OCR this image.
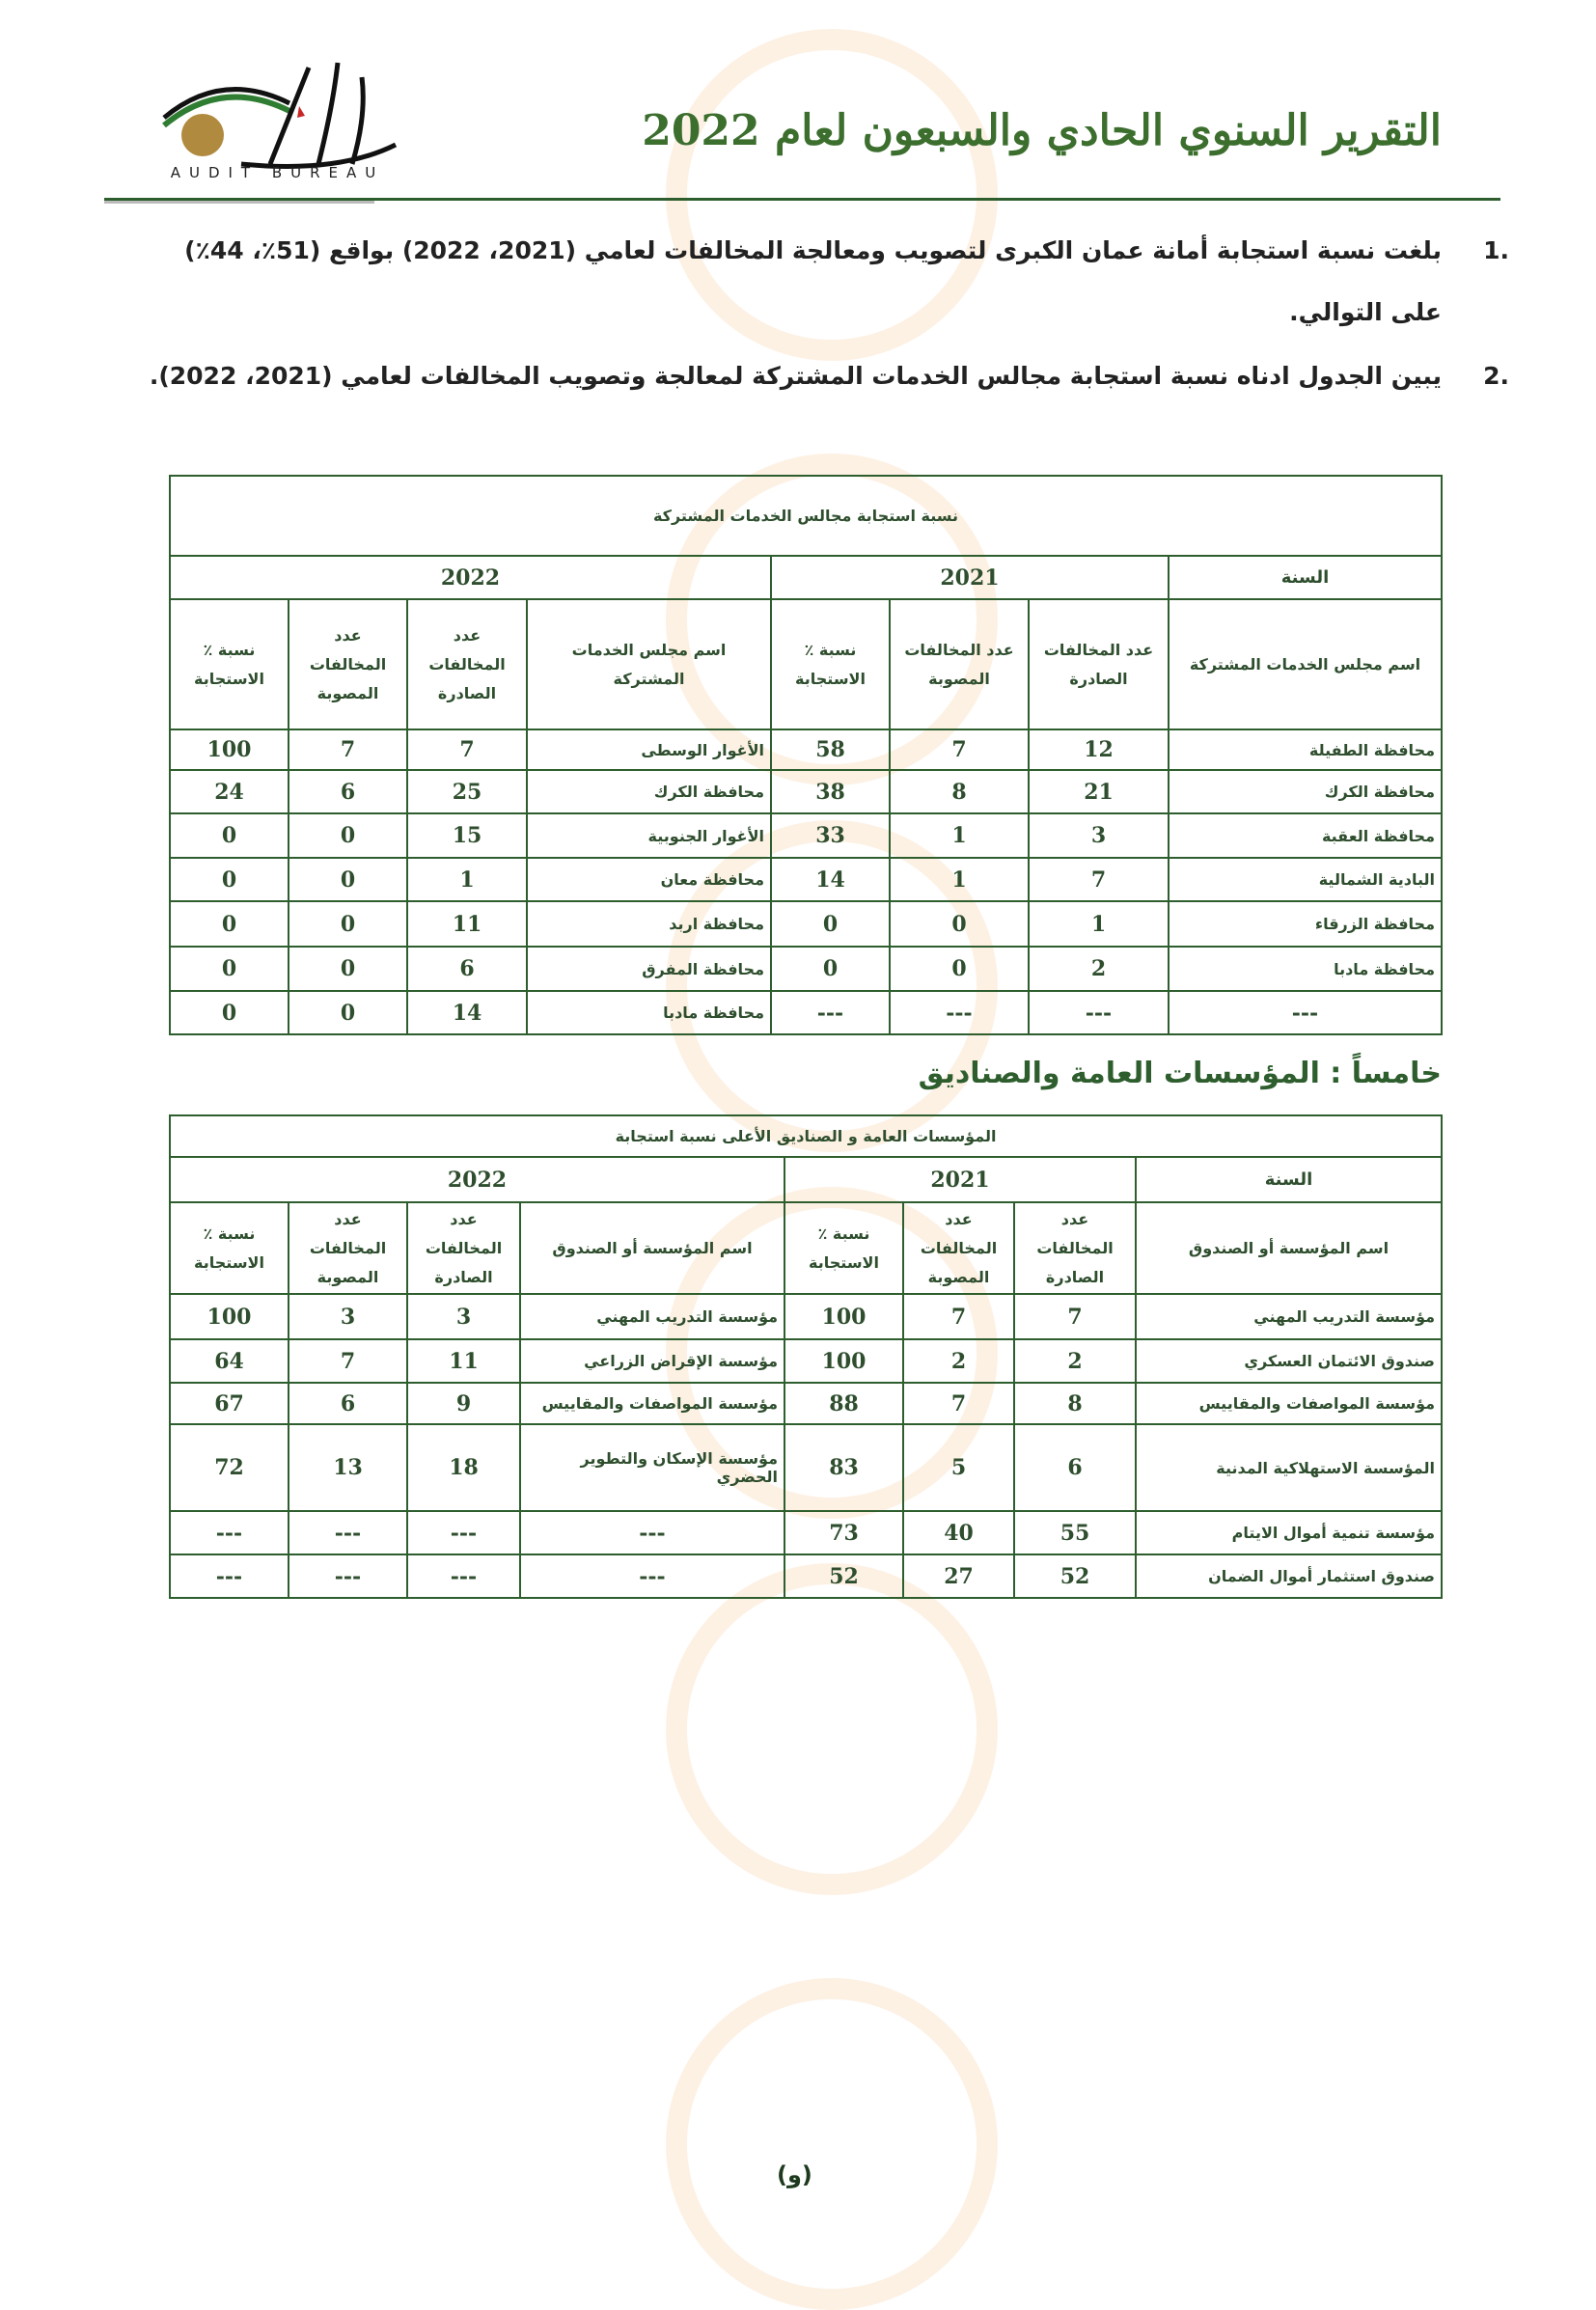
التقرير السنوي الحادي والسبعون لعام 2022
AUDIT BUREAU
.1
بلغت نسبة استجابة أمانة عمان الكبرى لتصويب ومعالجة المخالفات لعامي (2021، 2022) بواقع (51٪، 44٪) على التوالي.
.2
يبين الجدول ادناه نسبة استجابة مجالس الخدمات المشتركة لمعالجة وتصويب المخالفات لعامي (2021، 2022).
نسبة استجابة مجالس الخدمات المشتركة							
السنة	2021			2022			
اسم مجلس الخدمات المشتركة	عدد المخالفات الصادرة	عدد المخالفات المصوبة	نسبة ٪ الاستجابة	اسم مجلس الخدمات المشتركة	عدد المخالفات الصادرة	عدد المخالفات المصوبة	نسبة ٪ الاستجابة
محافظة الطفيلة	12	7	58	الأغوار الوسطى	7	7	100
محافظة الكرك	21	8	38	محافظة الكرك	25	6	24
محافظة العقبة	3	1	33	الأغوار الجنوبية	15	0	0
البادية الشمالية	7	1	14	محافظة معان	1	0	0
محافظة الزرقاء	1	0	0	محافظة اربد	11	0	0
محافظة مادبا	2	0	0	محافظة المفرق	6	0	0
---	---	---	---	محافظة مادبا	14	0	0
خامساً : المؤسسات العامة والصناديق
المؤسسات العامة و الصناديق الأعلى نسبة استجابة							
السنة	2021			2022			
اسم المؤسسة أو الصندوق	عدد المخالفات الصادرة	عدد المخالفات المصوبة	نسبة ٪ الاستجابة	اسم المؤسسة أو الصندوق	عدد المخالفات الصادرة	عدد المخالفات المصوبة	نسبة ٪ الاستجابة
مؤسسة التدريب المهني	7	7	100	مؤسسة التدريب المهني	3	3	100
صندوق الائتمان العسكري	2	2	100	مؤسسة الإقراض الزراعي	11	7	64
مؤسسة المواصفات والمقاييس	8	7	88	مؤسسة المواصفات والمقاييس	9	6	67
المؤسسة الاستهلاكية المدنية	6	5	83	مؤسسة الإسكان والتطوير الحضري	18	13	72
مؤسسة تنمية أموال الايتام	55	40	73	---	---	---	---
صندوق استثمار أموال الضمان	52	27	52	---	---	---	---
(و)
